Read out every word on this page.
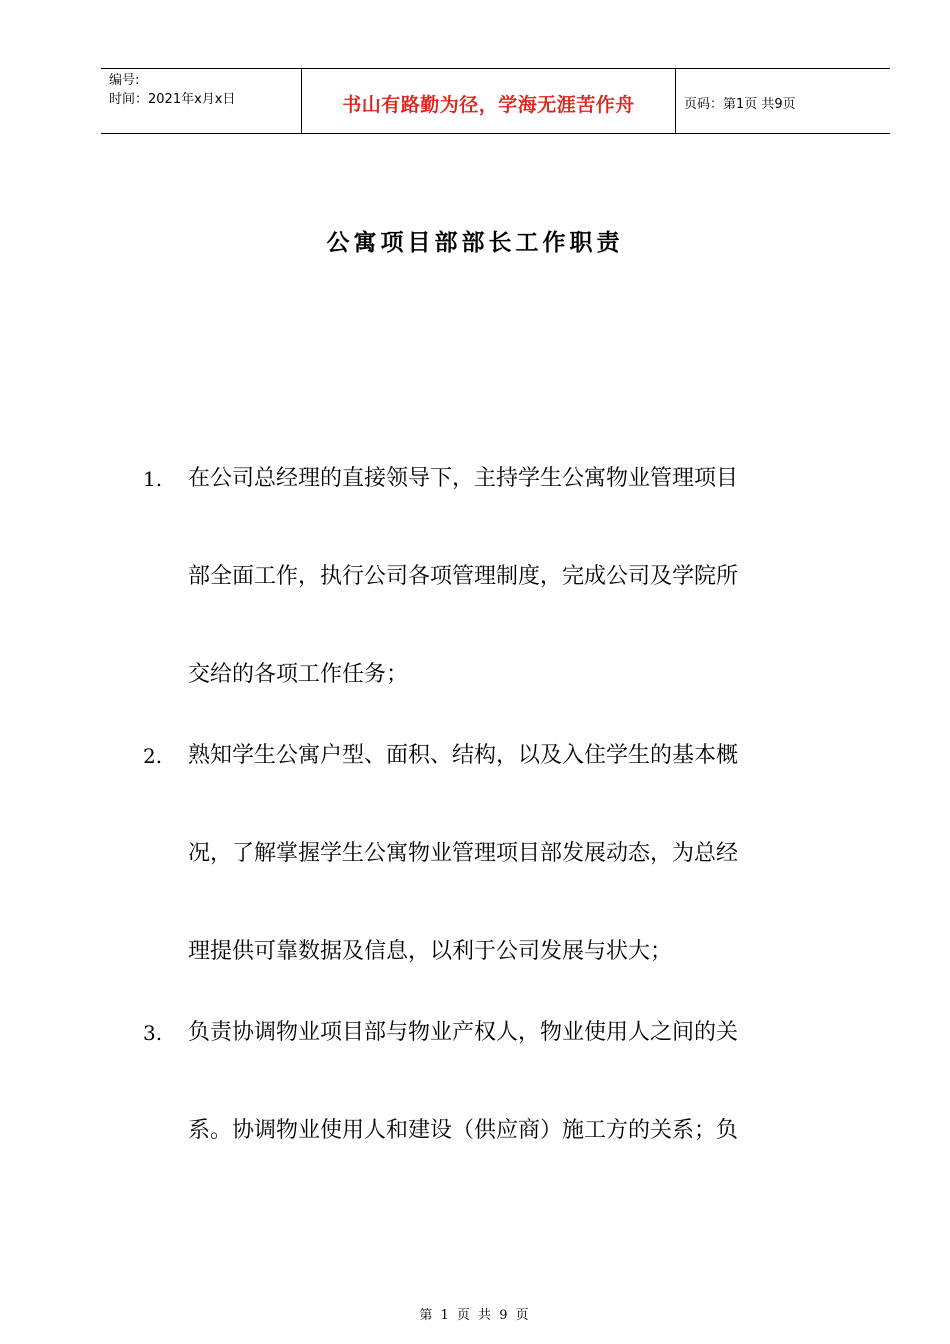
编号:
时间：2021年x月x日	书山有路勤为径，学海无涯苦作舟	页码：第1页 共9页
公寓项目部部长工作职责
1. 在公司总经理的直接领导下，主持学生公寓物业管理项目
部全面工作，执行公司各项管理制度，完成公司及学院所
交给的各项工作任务；
2. 熟知学生公寓户型、面积、结构，以及入住学生的基本概
况，了解掌握学生公寓物业管理项目部发展动态，为总经
理提供可靠数据及信息，以利于公司发展与状大；
3. 负责协调物业项目部与物业产权人，物业使用人之间的关
系。协调物业使用人和建设（供应商）施工方的关系；负
第 1 页 共 9 页
